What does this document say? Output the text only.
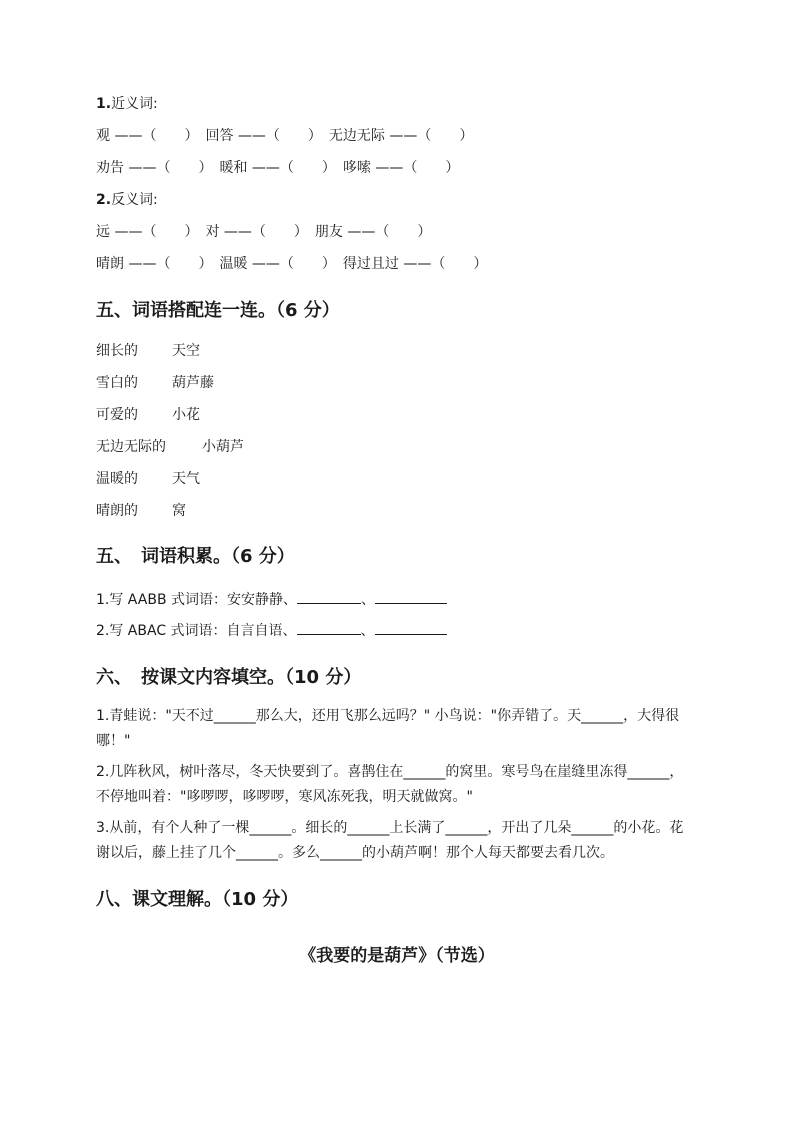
1.近义词:
观 ——（　　）　回答 ——（　　）　无边无际 ——（　　）
劝告 ——（　　）　暖和 ——（　　）　哆嗦 ——（　　）
2.反义词:
远 ——（　　）　对 ——（　　）　朋友 ——（　　）
晴朗 ——（　　）　温暖 ——（　　）　得过且过 ——（　　）
五、词语搭配连一连。（6 分）
细长的 天空
雪白的 葫芦藤
可爱的 小花
无边无际的	小葫芦
温暖的 天气
晴朗的 窝
五、　词语积累。（6 分）
1.写 AABB 式词语：安安静静、	、
2.写 ABAC 式词语：自言自语、	、
六、　按课文内容填空。（10 分）
1.青蛙说："天不过______那么大，还用飞那么远吗？" 小鸟说："你弄错了。天______，大得很哪！"
2.几阵秋风，树叶落尽，冬天快要到了。喜鹊住在______的窝里。寒号鸟在崖缝里冻得______，不停地叫着："哆啰啰，哆啰啰，寒风冻死我，明天就做窝。"
3.从前，有个人种了一棵______。细长的______上长满了______，开出了几朵______的小花。花谢以后，藤上挂了几个______。多么______的小葫芦啊！那个人每天都要去看几次。
八、课文理解。（10 分）
《我要的是葫芦》（节选）
